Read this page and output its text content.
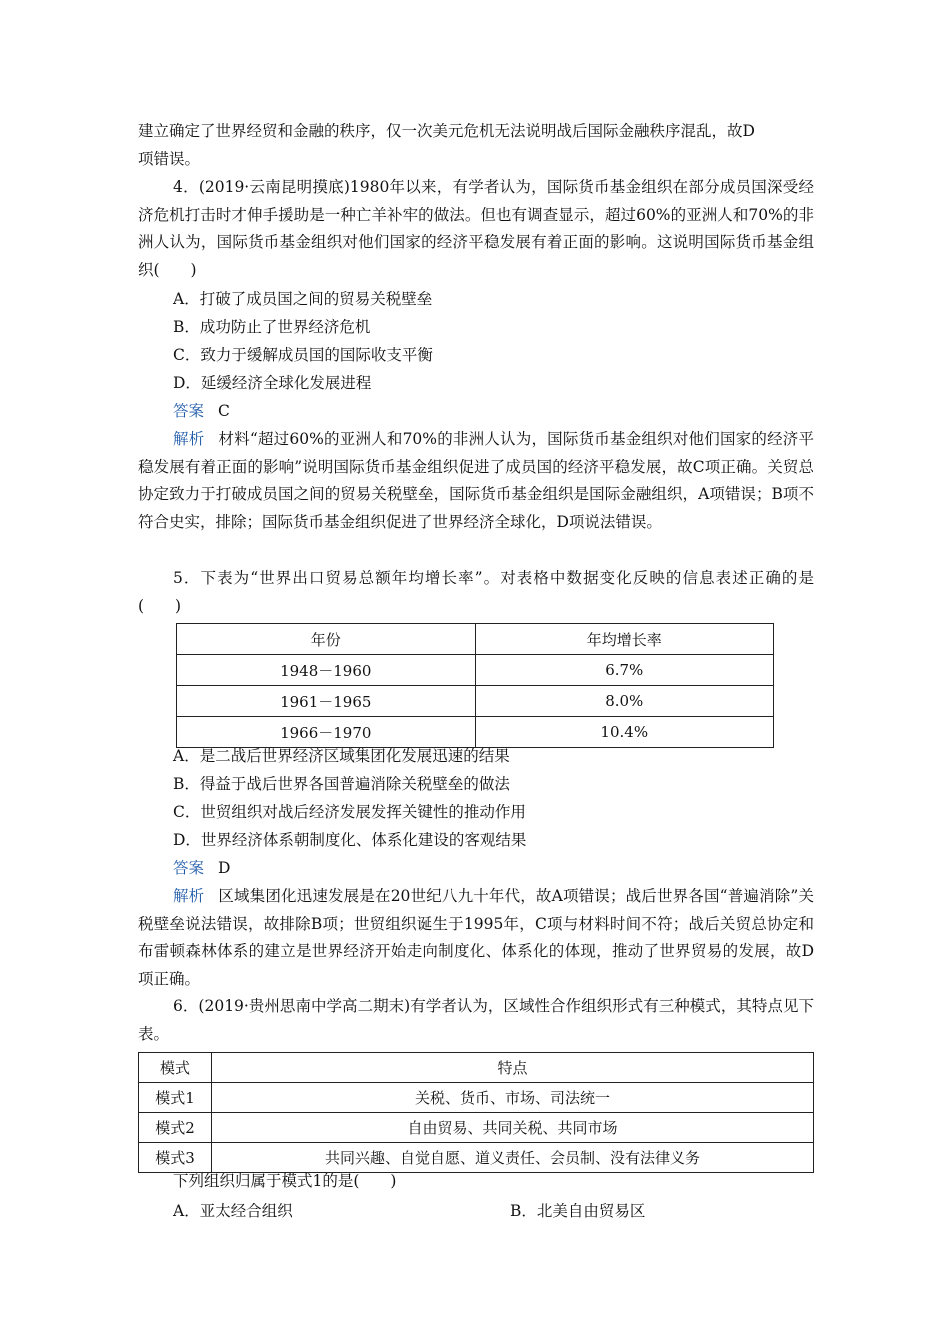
建立确定了世界经贸和金融的秩序，仅一次美元危机无法说明战后国际金融秩序混乱，故D

项错误。

4．(2019·云南昆明摸底)1980年以来，有学者认为，国际货币基金组织在部分成员国深受经济危机打击时才伸手援助是一种亡羊补牢的做法。但也有调查显示，超过60%的亚洲人和70%的非洲人认为，国际货币基金组织对他们国家的经济平稳发展有着正面的影响。这说明国际货币基金组织(　　)

A．打破了成员国之间的贸易关税壁垒

B．成功防止了世界经济危机

C．致力于缓解成员国的国际收支平衡

D．延缓经济全球化发展进程

答案 C

解析 材料“超过60%的亚洲人和70%的非洲人认为，国际货币基金组织对他们国家的经济平稳发展有着正面的影响”说明国际货币基金组织促进了成员国的经济平稳发展，故C项正确。关贸总协定致力于打破成员国之间的贸易关税壁垒，国际货币基金组织是国际金融组织，A项错误；B项不符合史实，排除；国际货币基金组织促进了世界经济全球化，D项说法错误。

5．下表为“世界出口贸易总额年均增长率”。对表格中数据变化反映的信息表述正确的是(　　)

年份	年均增长率
1948－1960	6.7%
1961－1965	8.0%
1966－1970	10.4%

A．是二战后世界经济区域集团化发展迅速的结果

B．得益于战后世界各国普遍消除关税壁垒的做法

C．世贸组织对战后经济发展发挥关键性的推动作用

D．世界经济体系朝制度化、体系化建设的客观结果

答案 D

解析 区域集团化迅速发展是在20世纪八九十年代，故A项错误；战后世界各国“普遍消除”关税壁垒说法错误，故排除B项；世贸组织诞生于1995年，C项与材料时间不符；战后关贸总协定和布雷顿森林体系的建立是世界经济开始走向制度化、体系化的体现，推动了世界贸易的发展，故D项正确。

6．(2019·贵州思南中学高二期末)有学者认为，区域性合作组织形式有三种模式，其特点见下表。

模式	特点
模式1	关税、货币、市场、司法统一
模式2	自由贸易、共同关税、共同市场
模式3	共同兴趣、自觉自愿、道义责任、会员制、没有法律义务

下列组织归属于模式1的是(　　)

A．亚太经合组织	B．北美自由贸易区
